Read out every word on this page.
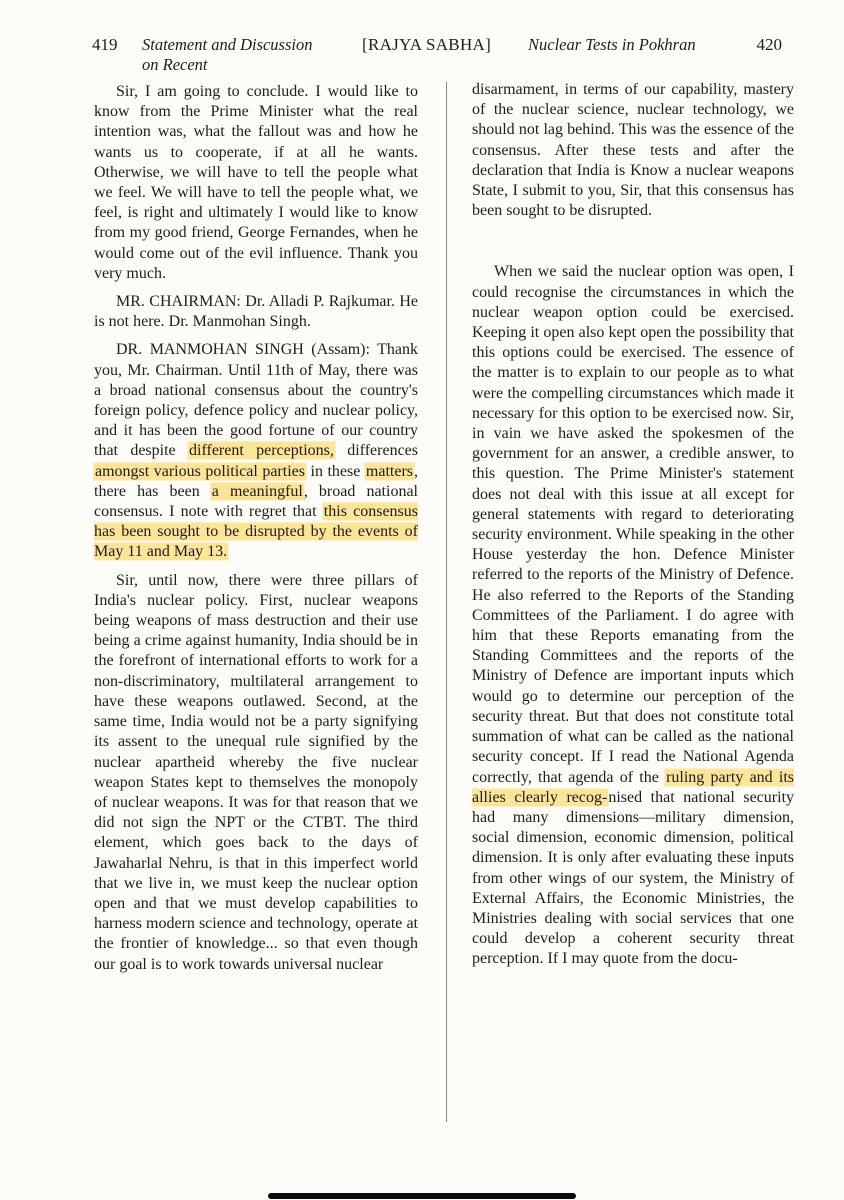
419 Statement and Discussion
on Recent
[RAJYA SABHA] Nuclear Tests in Pokhran	420

Sir, I am going to conclude. I would like to know from the Prime Minister what the real intention was, what the fallout was and how he wants us to cooperate, if at all he wants. Otherwise, we will have to tell the people what we feel. We will have to tell the people what, we feel, is right and ultimately I would like to know from my good friend, George Fernandes, when he would come out of the evil influence. Thank you very much.

MR. CHAIRMAN: Dr. Alladi P. Rajkumar. He is not here. Dr. Manmohan Singh.

DR. MANMOHAN SINGH (Assam): Thank you, Mr. Chairman. Until 11th of May, there was a broad national consensus about the country's foreign policy, defence policy and nuclear policy, and it has been the good fortune of our country that despite different perceptions, differences amongst various political parties in these matters, there has been a meaningful, broad national consensus. I note with regret that this consensus has been sought to be disrupted by the events of May 11 and May 13.

Sir, until now, there were three pillars of India's nuclear policy. First, nuclear weapons being weapons of mass destruction and their use being a crime against humanity, India should be in the forefront of international efforts to work for a non-discriminatory, multilateral arrangement to have these weapons outlawed. Second, at the same time, India would not be a party signifying its assent to the unequal rule signified by the nuclear apartheid whereby the five nuclear weapon States kept to themselves the monopoly of nuclear weapons. It was for that reason that we did not sign the NPT or the CTBT. The third element, which goes back to the days of Jawaharlal Nehru, is that in this imperfect world that we live in, we must keep the nuclear option open and that we must develop capabilities to harness modern science and technology, operate at the frontier of knowledge... so that even though our goal is to work towards universal nuclear

disarmament, in terms of our capability, mastery of the nuclear science, nuclear technology, we should not lag behind. This was the essence of the consensus. After these tests and after the declaration that India is Know a nuclear weapons State, I submit to you, Sir, that this consensus has been sought to be disrupted.

When we said the nuclear option was open, I could recognise the circumstances in which the nuclear weapon option could be exercised. Keeping it open also kept open the possibility that this options could be exercised. The essence of the matter is to explain to our people as to what were the compelling circumstances which made it necessary for this option to be exercised now. Sir, in vain we have asked the spokesmen of the government for an answer, a credible answer, to this question. The Prime Minister's statement does not deal with this issue at all except for general statements with regard to deteriorating security environment. While speaking in the other House yesterday the hon. Defence Minister referred to the reports of the Ministry of Defence. He also referred to the Reports of the Standing Committees of the Parliament. I do agree with him that these Reports emanating from the Standing Committees and the reports of the Ministry of Defence are important inputs which would go to determine our perception of the security threat. But that does not constitute total summation of what can be called as the national security concept. If I read the National Agenda correctly, that agenda of the ruling party and its allies clearly recog-nised that national security had many dimensions—military dimension, social dimension, economic dimension, political dimension. It is only after evaluating these inputs from other wings of our system, the Ministry of External Affairs, the Economic Ministries, the Ministries dealing with social services that one could develop a coherent security threat perception. If I may quote from the docu-
